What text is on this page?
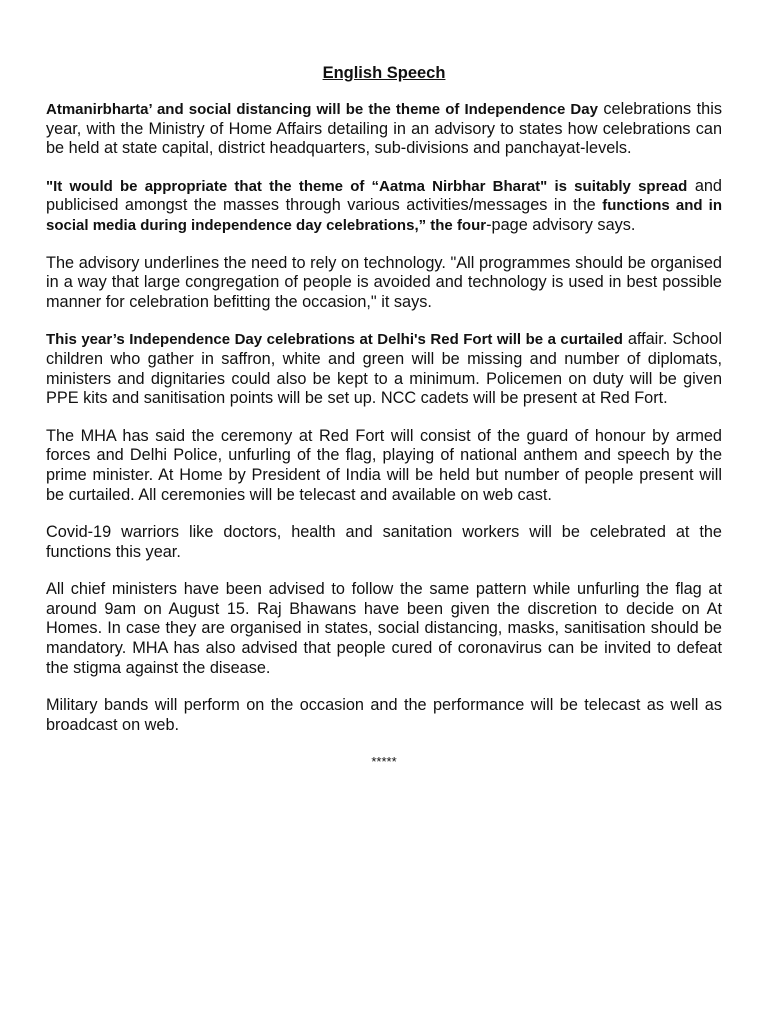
English Speech

Atmanirbharta’ and social distancing will be the theme of Independence Day celebrations this year, with the Ministry of Home Affairs detailing in an advisory to states how celebrations can be held at state capital, district headquarters, sub-divisions and panchayat-levels.

"It would be appropriate that the theme of “Aatma Nirbhar Bharat" is suitably spread and publicised amongst the masses through various activities/messages in the functions and in social media during independence day celebrations,” the four-page advisory says.

The advisory underlines the need to rely on technology. "All programmes should be organised in a way that large congregation of people is avoided and technology is used in best possible manner for celebration befitting the occasion," it says.

This year’s Independence Day celebrations at Delhi's Red Fort will be a curtailed affair. School children who gather in saffron, white and green will be missing and number of diplomats, ministers and dignitaries could also be kept to a minimum. Policemen on duty will be given PPE kits and sanitisation points will be set up. NCC cadets will be present at Red Fort.

The MHA has said the ceremony at Red Fort will consist of the guard of honour by armed forces and Delhi Police, unfurling of the flag, playing of national anthem and speech by the prime minister. At Home by President of India will be held but number of people present will be curtailed. All ceremonies will be telecast and available on web cast.

Covid-19 warriors like doctors, health and sanitation workers will be celebrated at the functions this year.

All chief ministers have been advised to follow the same pattern while unfurling the flag at around 9am on August 15. Raj Bhawans have been given the discretion to decide on At Homes. In case they are organised in states, social distancing, masks, sanitisation should be mandatory. MHA has also advised that people cured of coronavirus can be invited to defeat the stigma against the disease.

Military bands will perform on the occasion and the performance will be telecast as well as broadcast on web.

*****
